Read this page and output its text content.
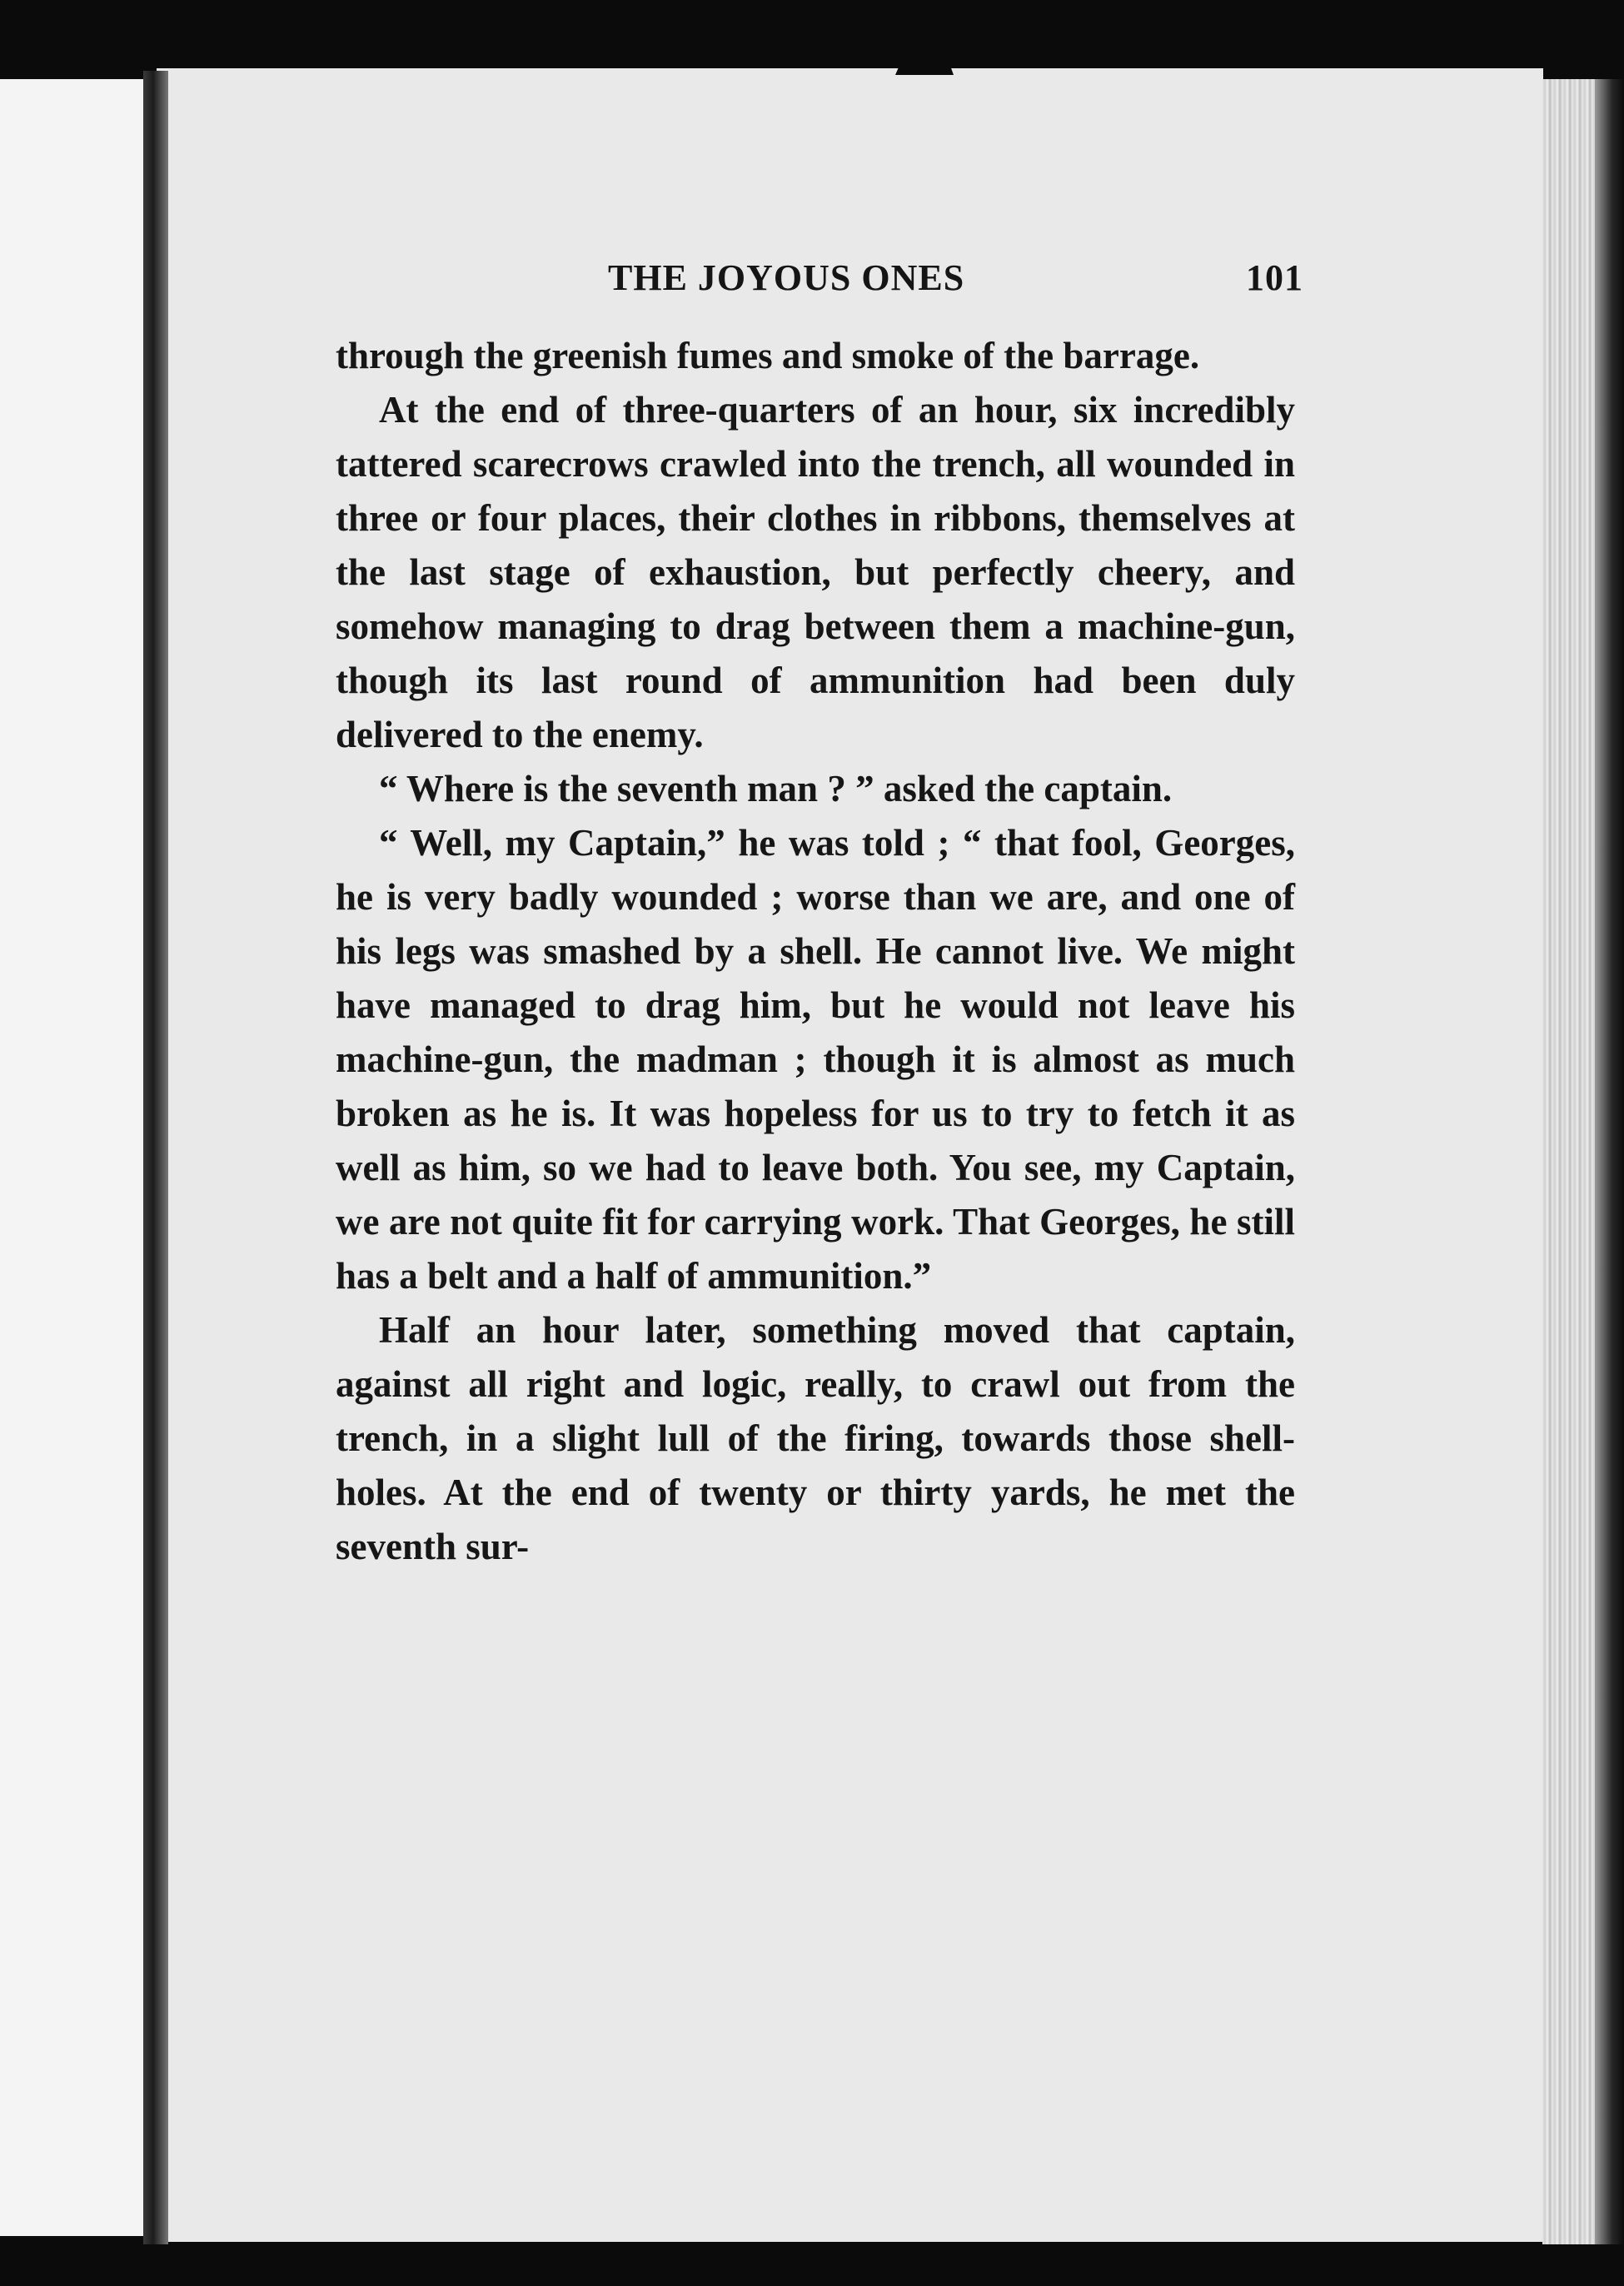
THE JOYOUS ONES	101

through the greenish fumes and smoke of the barrage.

At the end of three-quarters of an hour, six incredibly tattered scarecrows crawled into the trench, all wounded in three or four places, their clothes in ribbons, themselves at the last stage of exhaustion, but perfectly cheery, and somehow managing to drag between them a machine-gun, though its last round of ammunition had been duly delivered to the enemy.

“ Where is the seventh man ? ” asked the captain.

“ Well, my Captain,” he was told ; “ that fool, Georges, he is very badly wounded ; worse than we are, and one of his legs was smashed by a shell. He cannot live. We might have managed to drag him, but he would not leave his machine-gun, the madman ; though it is almost as much broken as he is. It was hopeless for us to try to fetch it as well as him, so we had to leave both. You see, my Captain, we are not quite fit for carrying work. That Georges, he still has a belt and a half of ammunition.”

Half an hour later, something moved that captain, against all right and logic, really, to crawl out from the trench, in a slight lull of the firing, towards those shell-holes. At the end of twenty or thirty yards, he met the seventh sur-
